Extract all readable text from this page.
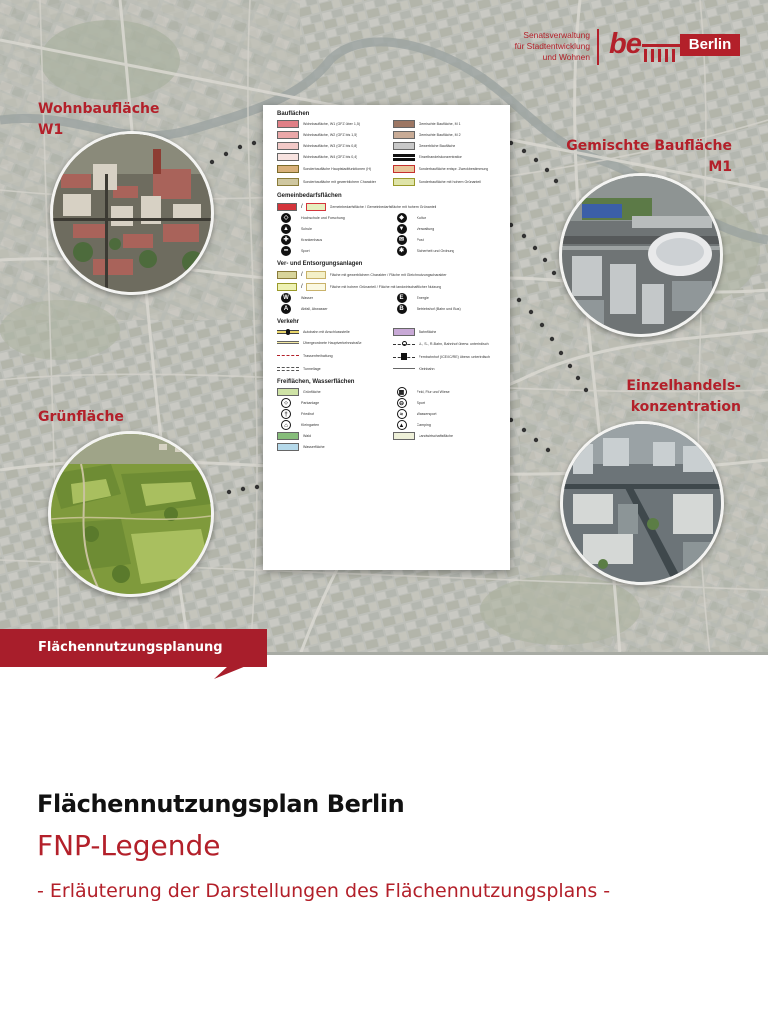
Wohnbaufläche
W1
Gemischte Baufläche
M1
Grünfläche
Einzelhandels-
konzentration
Senatsverwaltung
für Stadtentwicklung
und Wohnen be	Berlin
Bauflächen
Wohnbaufläche, W1 (GFZ über 1,5)	Gemischte Baufläche, M 1
Wohnbaufläche, W2 (GFZ bis 1,5)	Gemischte Baufläche, M 2
Wohnbaufläche, W3 (GFZ bis 0,8)	Gewerbliche Baufläche
Wohnbaufläche, W4 (GFZ bis 0,4)	Einzelhandelskonzentration
Sonderbaufläche Hauptstadtfunktionen (H)	Sonderbaufläche entspr. Zweckbestimmung
Sonderbaufläche mit gewerblichem Charakter	Sonderbaufläche mit hohem Grünanteil
Gemeinbedarfsflächen
/	Gemeinbedarfsfläche / Gemeinbedarfsfläche mit hohem Grünanteil
◇	Hochschule und Forschung	◆	Kultur
▲	Schule	▼	Verwaltung
✚	Krankenhaus	✉	Post
━	Sport	✱	Sicherheit und Ordnung
Ver- und Entsorgungsanlagen
/	Fläche mit gewerblichem Charakter / Fläche mit Gleichnutzungscharakter
/	Fläche mit hohem Grünanteil / Fläche mit landwirtschaftlicher Nutzung
W	Wasser	E	Energie
A	Abfall, Abwasser	B	Betriebshof (Bahn und Bus)
Verkehr
Autobahn mit Anschlussstelle	Bahnfläche
Übergeordnete Hauptverkehrsstraße	U-, S-, R-Bahn, Bahnhof überw. unterirdisch
Trassenfreihaltung	Fernbahnhof (ICE/IC/RE) überw. unterirdisch
Tunnellage	Kleinbahn
Freiflächen, Wasserflächen
Grünfläche	▦	Feld, Flur und Wiese
⁘	Parkanlage	⊖	Sport
†	Friedhof	≈	Wassersport
⌂	Kleingarten	▲	Camping
Wald	Landwirtschaftsfläche
Wasserfläche
Flächennutzungsplanung
Flächennutzungsplan Berlin
FNP-Legende
- Erläuterung der Darstellungen des Flächennutzungsplans -
